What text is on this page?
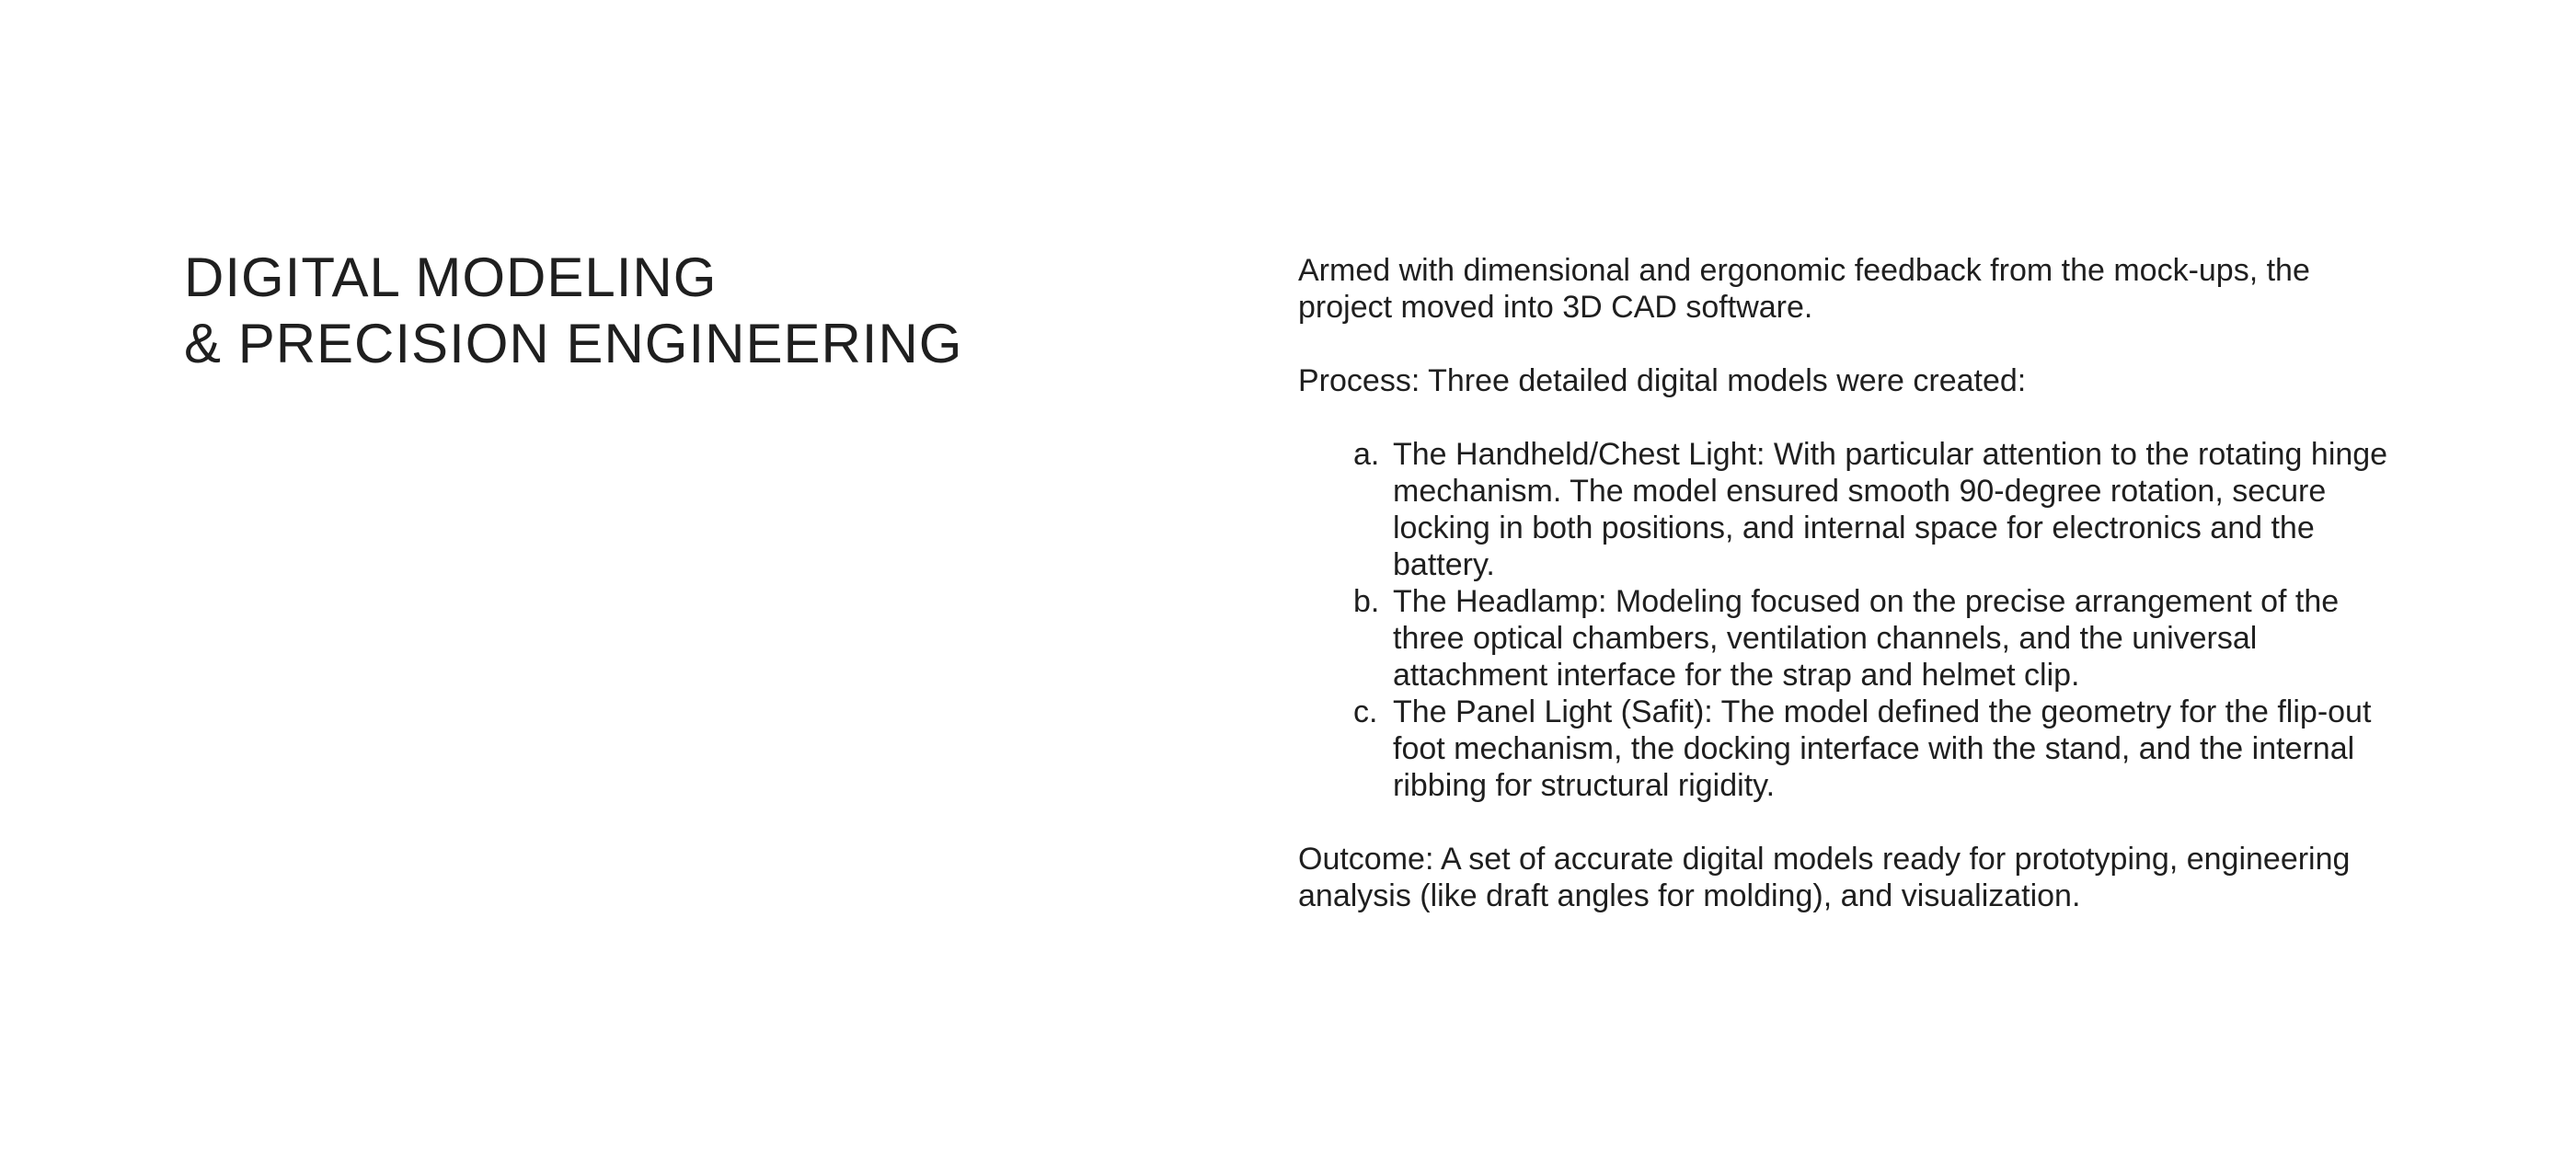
DIGITAL MODELING
& PRECISION ENGINEERING

Armed with dimensional and ergonomic feedback from the mock-ups, the project moved into 3D CAD software.

Process: Three detailed digital models were created:

a. The Handheld/Chest Light: With particular attention to the rotating hinge mechanism. The model ensured smooth 90-degree rotation, secure locking in both positions, and internal space for electronics and the battery.
b. The Headlamp: Modeling focused on the precise arrangement of the three optical chambers, ventilation channels, and the universal attachment interface for the strap and helmet clip.
c. The Panel Light (Safit): The model defined the geometry for the flip-out foot mechanism, the docking interface with the stand, and the internal ribbing for structural rigidity.

Outcome: A set of accurate digital models ready for prototyping, engineering analysis (like draft angles for molding), and visualization.
